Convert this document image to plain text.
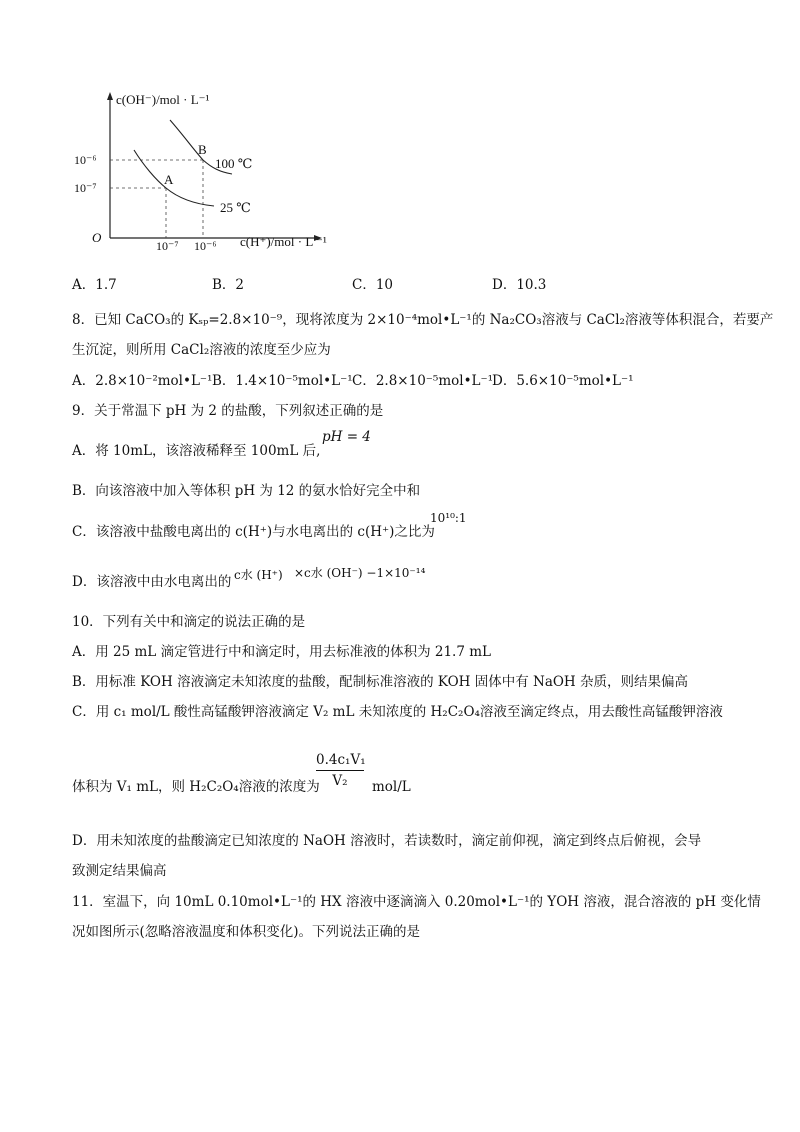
c(OH⁻)/mol · L⁻¹
c(H⁺)/mol · L ⁻¹
O
10⁻⁶
10⁻⁷
10⁻⁷ 10⁻⁶
A
B
100 ℃
25 ℃
A．1.7	B．2	C．10	D．10.3
8．已知 CaCO₃的 Kₛₚ=2.8×10⁻⁹，现将浓度为 2×10⁻⁴mol•L⁻¹的 Na₂CO₃溶液与 CaCl₂溶液等体积混合，若要产
生沉淀，则所用 CaCl₂溶液的浓度至少应为
A．2.8×10⁻²mol•L⁻¹ B．1.4×10⁻⁵mol•L⁻¹ C．2.8×10⁻⁵mol•L⁻¹
D．5.6×10⁻⁵mol•L⁻¹
9．关于常温下 pH 为 2 的盐酸，下列叙述正确的是
A．将 10mL，该溶液稀释至 100mL 后,
pH = 4
B．向该溶液中加入等体积 pH 为 12 的氨水恰好完全中和
C．该溶液中盐酸电离出的 c(H⁺)与水电离出的 c(H⁺)之比为
10¹⁰:1
D．该溶液中由水电离出的 c水 (H⁺) ×c水 (OH⁻) −1×10⁻¹⁴
10．下列有关中和滴定的说法正确的是
A．用 25 mL 滴定管进行中和滴定时，用去标准液的体积为 21.7 mL
B．用标准 KOH 溶液滴定未知浓度的盐酸，配制标准溶液的 KOH 固体中有 NaOH 杂质，则结果偏高
C．用 c₁ mol/L 酸性高锰酸钾溶液滴定 V₂ mL 未知浓度的 H₂C₂O₄溶液至滴定终点，用去酸性高锰酸钾溶液
体积为 V₁ mL，则 H₂C₂O₄溶液的浓度为
$\frac{\text{0.4c₁V₁}}{\text{V₂}} mol/L$
D．用未知浓度的盐酸滴定已知浓度的 NaOH 溶液时，若读数时，滴定前仰视，滴定到终点后俯视，会导
致测定结果偏高
11．室温下，向 10mL 0.10mol•L⁻¹的 HX 溶液中逐滴滴入 0.20mol•L⁻¹的 YOH 溶液，混合溶液的 pH 变化情
况如图所示(忽略溶液温度和体积变化)。下列说法正确的是
